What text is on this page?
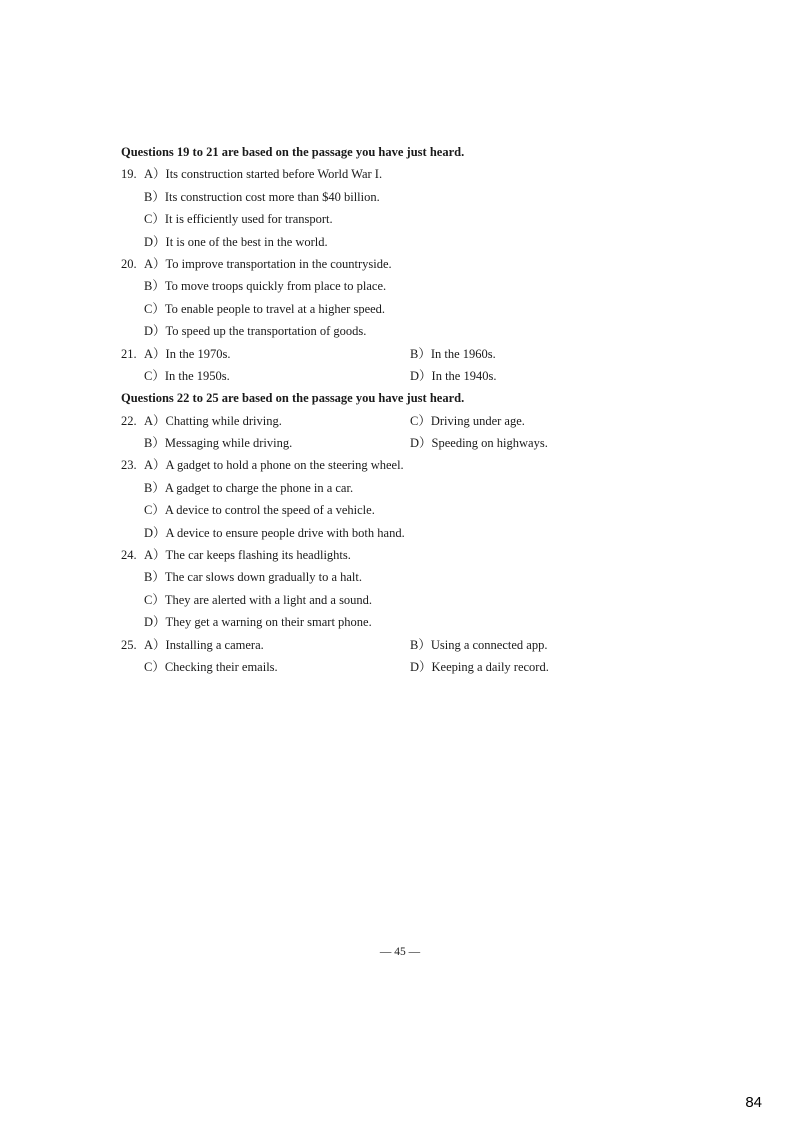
Questions 19 to 21 are based on the passage you have just heard.
19. A）Its construction started before World War I.
B）Its construction cost more than $40 billion.
C）It is efficiently used for transport.
D）It is one of the best in the world.
20. A）To improve transportation in the countryside.
B）To move troops quickly from place to place.
C）To enable people to travel at a higher speed.
D）To speed up the transportation of goods.
21. A）In the 1970s.	B）In the 1960s.
C）In the 1950s.	D）In the 1940s.
Questions 22 to 25 are based on the passage you have just heard.
22. A）Chatting while driving.	C）Driving under age.
B）Messaging while driving.	D）Speeding on highways.
23. A）A gadget to hold a phone on the steering wheel.
B）A gadget to charge the phone in a car.
C）A device to control the speed of a vehicle.
D）A device to ensure people drive with both hand.
24. A）The car keeps flashing its headlights.
B）The car slows down gradually to a halt.
C）They are alerted with a light and a sound.
D）They get a warning on their smart phone.
25. A）Installing a camera.	B）Using a connected app.
C）Checking their emails.	D）Keeping a daily record.
— 45 —
84
